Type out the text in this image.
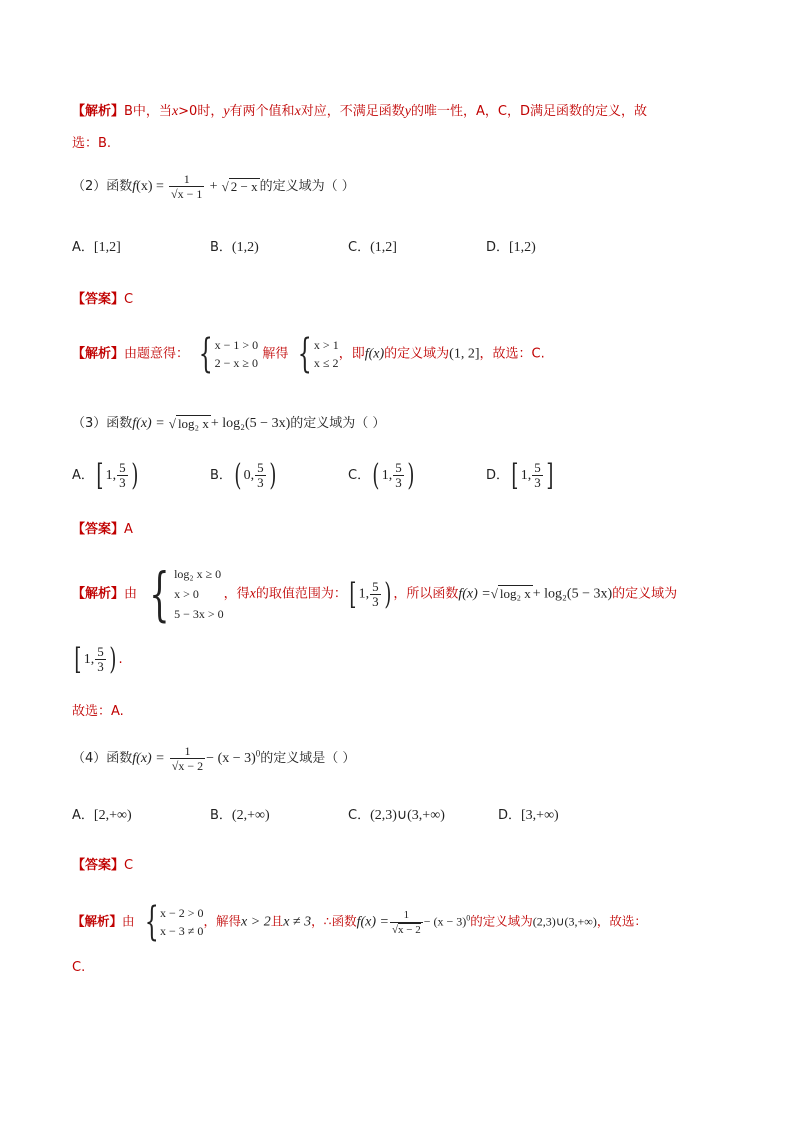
【解析】B中，当x>0时，y有两个值和x对应，不满足函数y的唯一性，A，C，D满足函数的定义，故
选：B.
（2）函数$f(x) = \frac{1}{√x - 1}$ + √ 2 − x 的定义域为（ ）
A．[1,2]	B．(1,2)	C．(1,2]	D．[1,2)
【答案】C
【解析】由题意得： { x − 1 > 0
2 − x ≥ 0
解得 { x > 1
x ≤ 2
，即f(x)的定义域为(1, 2]，故选：C.
（3）函数f(x) = √ log₂ x + log₂(5 − 3x)的定义域为（ ）
A．[ 1, $\frac{5}{3}$ )	B．( 0, $\frac{5}{3}$ )	C．( 1, $\frac{5}{3}$ )	D．[ 1, $\frac{5}{3}$ ]
【答案】A
【解析】由 { log₂ x ≥ 0
x > 0
5 − 3x > 0
，得x的取值范围为：[ 1, $\frac{5}{3}$ ) ，所以函数f(x) =√ log₂ x + log₂(5 − 3x)的定义域为
[ 1, $\frac{5}{3}$ ) .
故选：A.
（4）函数$f(x) = \frac{1}{√x - 2} - (x - 3)^0$的定义域是（ ）
A．[2,+∞)	B．(2,+∞)	C．(2,3)∪(3,+∞)	D．[3,+∞)
【答案】C
【解析】由 { x − 2 > 0
x − 3 ≠ 0
，解得x > 2且x ≠ 3，∴函数$f(x) = \frac{1}{√x - 2} - (x - 3)^0$的定义域为(2,3)∪(3,+∞)，故选：
C.
